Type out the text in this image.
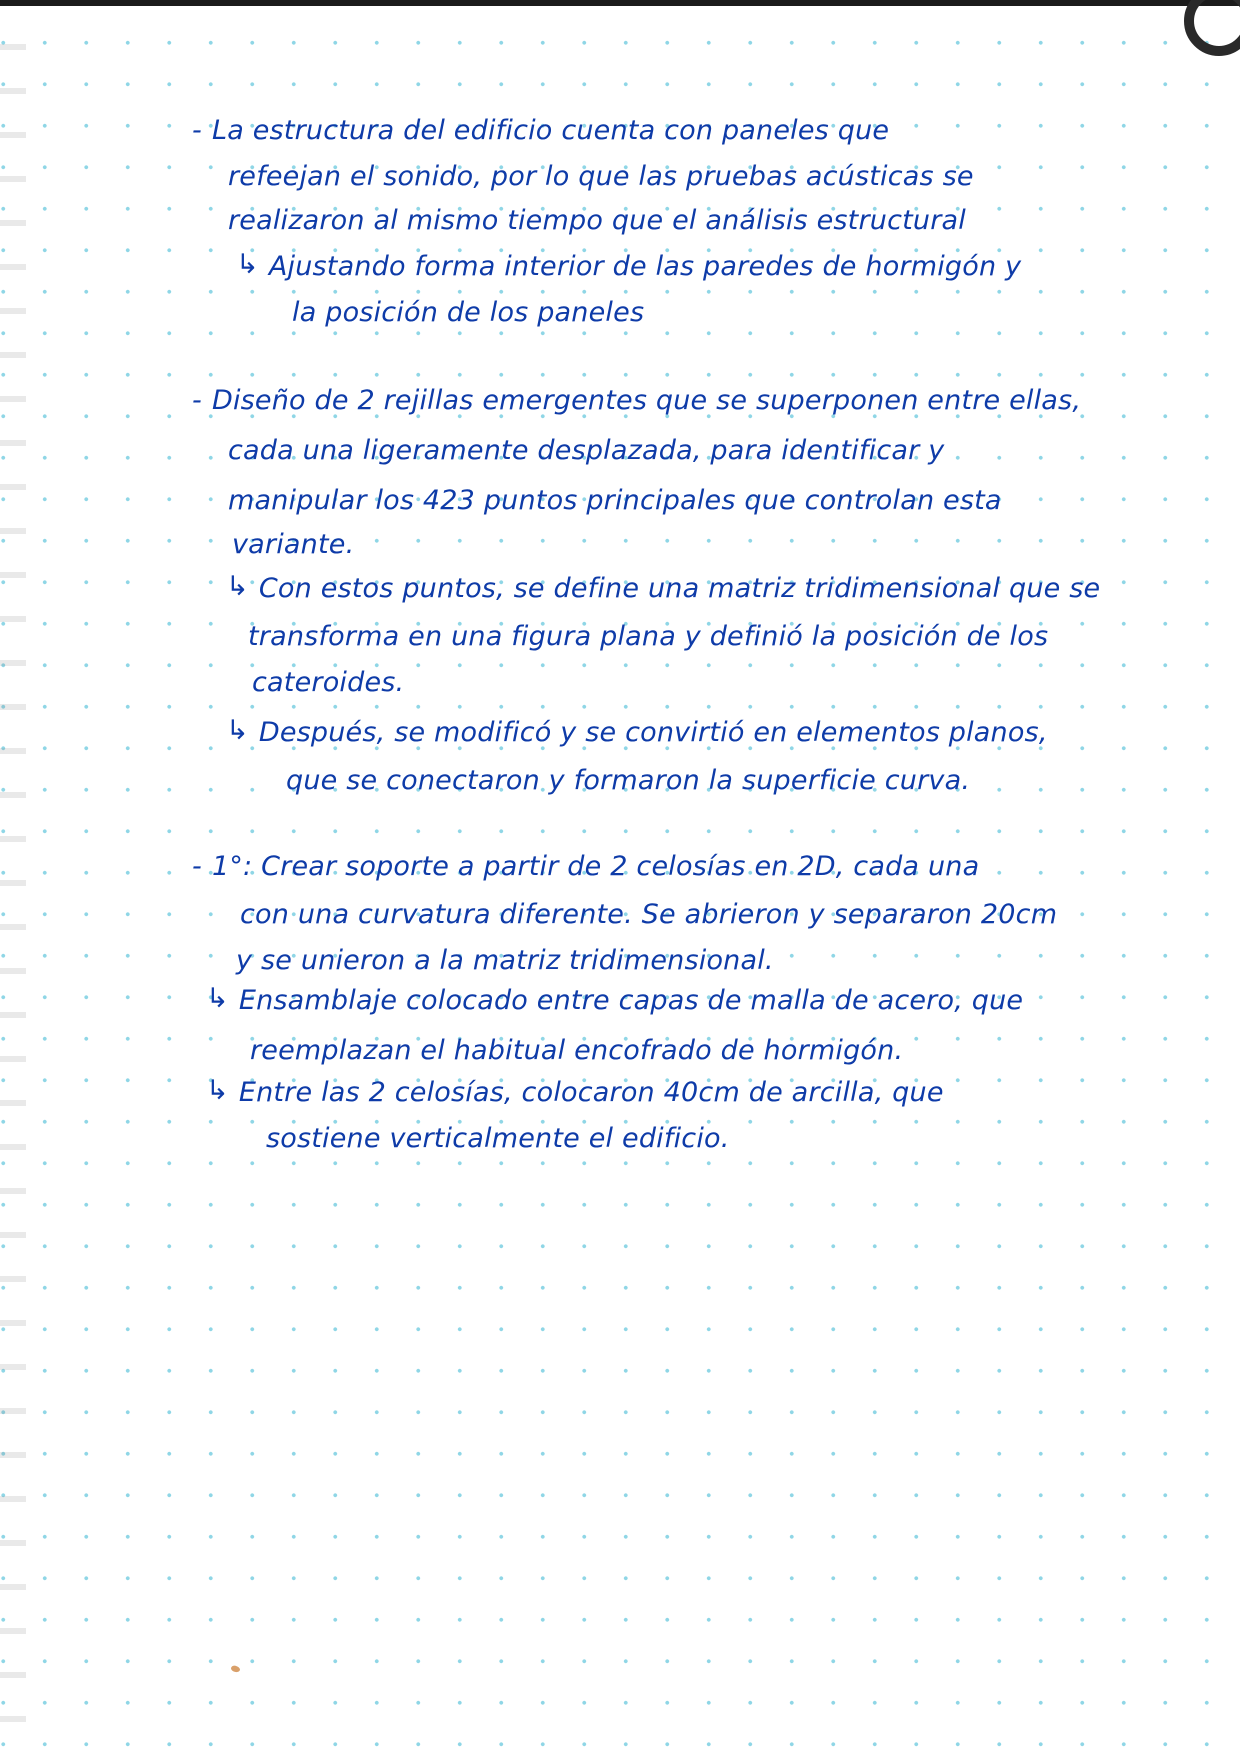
- La estructura del edificio cuenta con paneles que

refeejan el sonido, por lo que las pruebas acústicas se

realizaron al mismo tiempo que el análisis estructural

↳ Ajustando forma interior de las paredes de hormigón y

la posición de los paneles

- Diseño de 2 rejillas emergentes que se superponen entre ellas,

cada una ligeramente desplazada, para identificar y

manipular los 423 puntos principales que controlan esta

variante.

↳ Con estos puntos, se define una matriz tridimensional que se

transforma en una figura plana y definió la posición de los

cateroides.

↳ Después, se modificó y se convirtió en elementos planos,

que se conectaron y formaron la superficie curva.

- 1°: Crear soporte a partir de 2 celosías en 2D, cada una

con una curvatura diferente. Se abrieron y separaron 20cm

y se unieron a la matriz tridimensional.

↳ Ensamblaje colocado entre capas de malla de acero, que

reemplazan el habitual encofrado de hormigón.

↳ Entre las 2 celosías, colocaron 40cm de arcilla, que

sostiene verticalmente el edificio.
